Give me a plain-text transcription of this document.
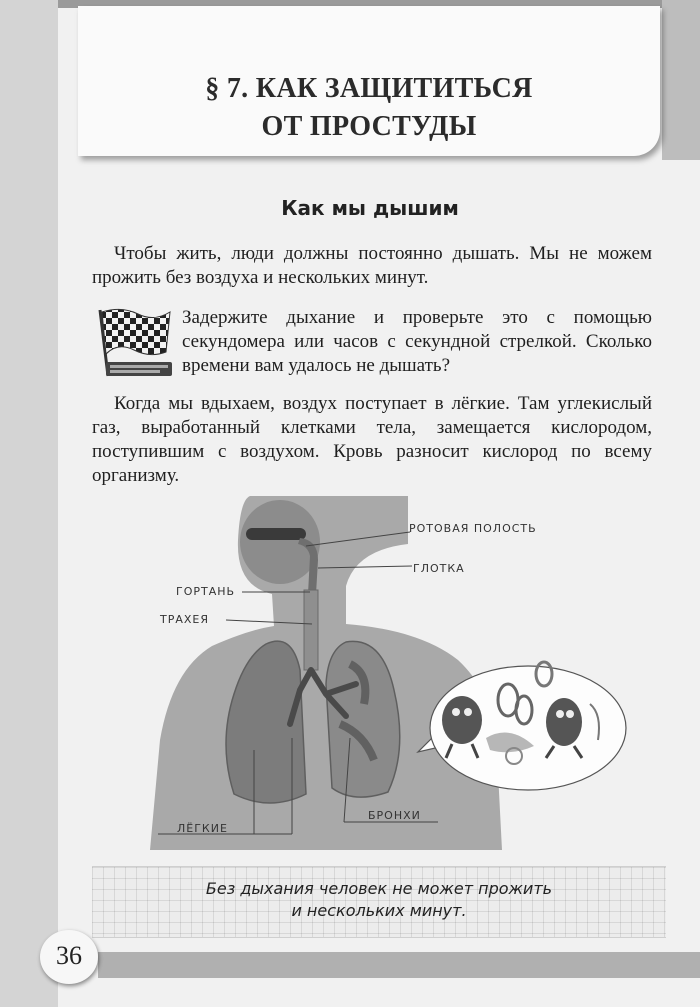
§ 7. КАК ЗАЩИТИТЬСЯ
ОТ ПРОСТУДЫ
Как мы дышим

Чтобы жить, люди должны постоянно дышать. Мы не можем прожить без воздуха и нескольких минут.

Задержите дыхание и проверьте это с помощью секундомера или часов с секундной стрелкой. Сколько времени вам удалось не дышать?

Когда мы вдыхаем, воздух поступает в лёгкие. Там углекислый газ, выработанный клетками тела, замещается кислородом, поступившим с воздухом. Кровь разносит кислород по всему организму.

РОТОВАЯ ПОЛОСТЬ

ГЛОТКА

ГОРТАНЬ

ТРАХЕЯ

ЛЁГКИЕ

БРОНХИ

Без дыхания человек не может прожить
и нескольких минут.

36
